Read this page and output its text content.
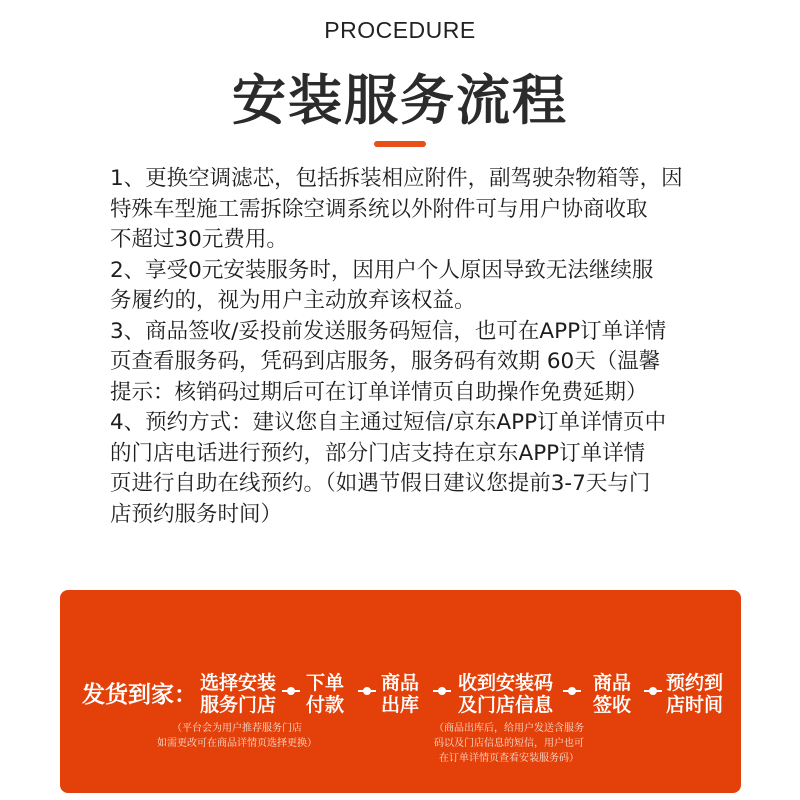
PROCEDURE
安装服务流程
1、更换空调滤芯，包括拆装相应附件，副驾驶杂物箱等，因
特殊车型施工需拆除空调系统以外附件可与用户协商收取
不超过30元费用。
2、享受0元安装服务时，因用户个人原因导致无法继续服
务履约的，视为用户主动放弃该权益。
3、商品签收/妥投前发送服务码短信，也可在APP订单详情
页查看服务码，凭码到店服务，服务码有效期 60天（温馨
提示：核销码过期后可在订单详情页自助操作免费延期）
4、预约方式：建议您自主通过短信/京东APP订单详情页中
的门店电话进行预约，部分门店支持在京东APP订单详情
页进行自助在线预约。（如遇节假日建议您提前3-7天与门
店预约服务时间）
发货到家： 选择安装
服务门店
下单
付款
商品
出库
收到安装码
及门店信息
商品
签收
预约到
店时间
（平台会为用户推荐服务门店
如需更改可在商品详情页选择更换）
（商品出库后，给用户发送含服务
码以及门店信息的短信，用户也可
在订单详情页查看安装服务码）
